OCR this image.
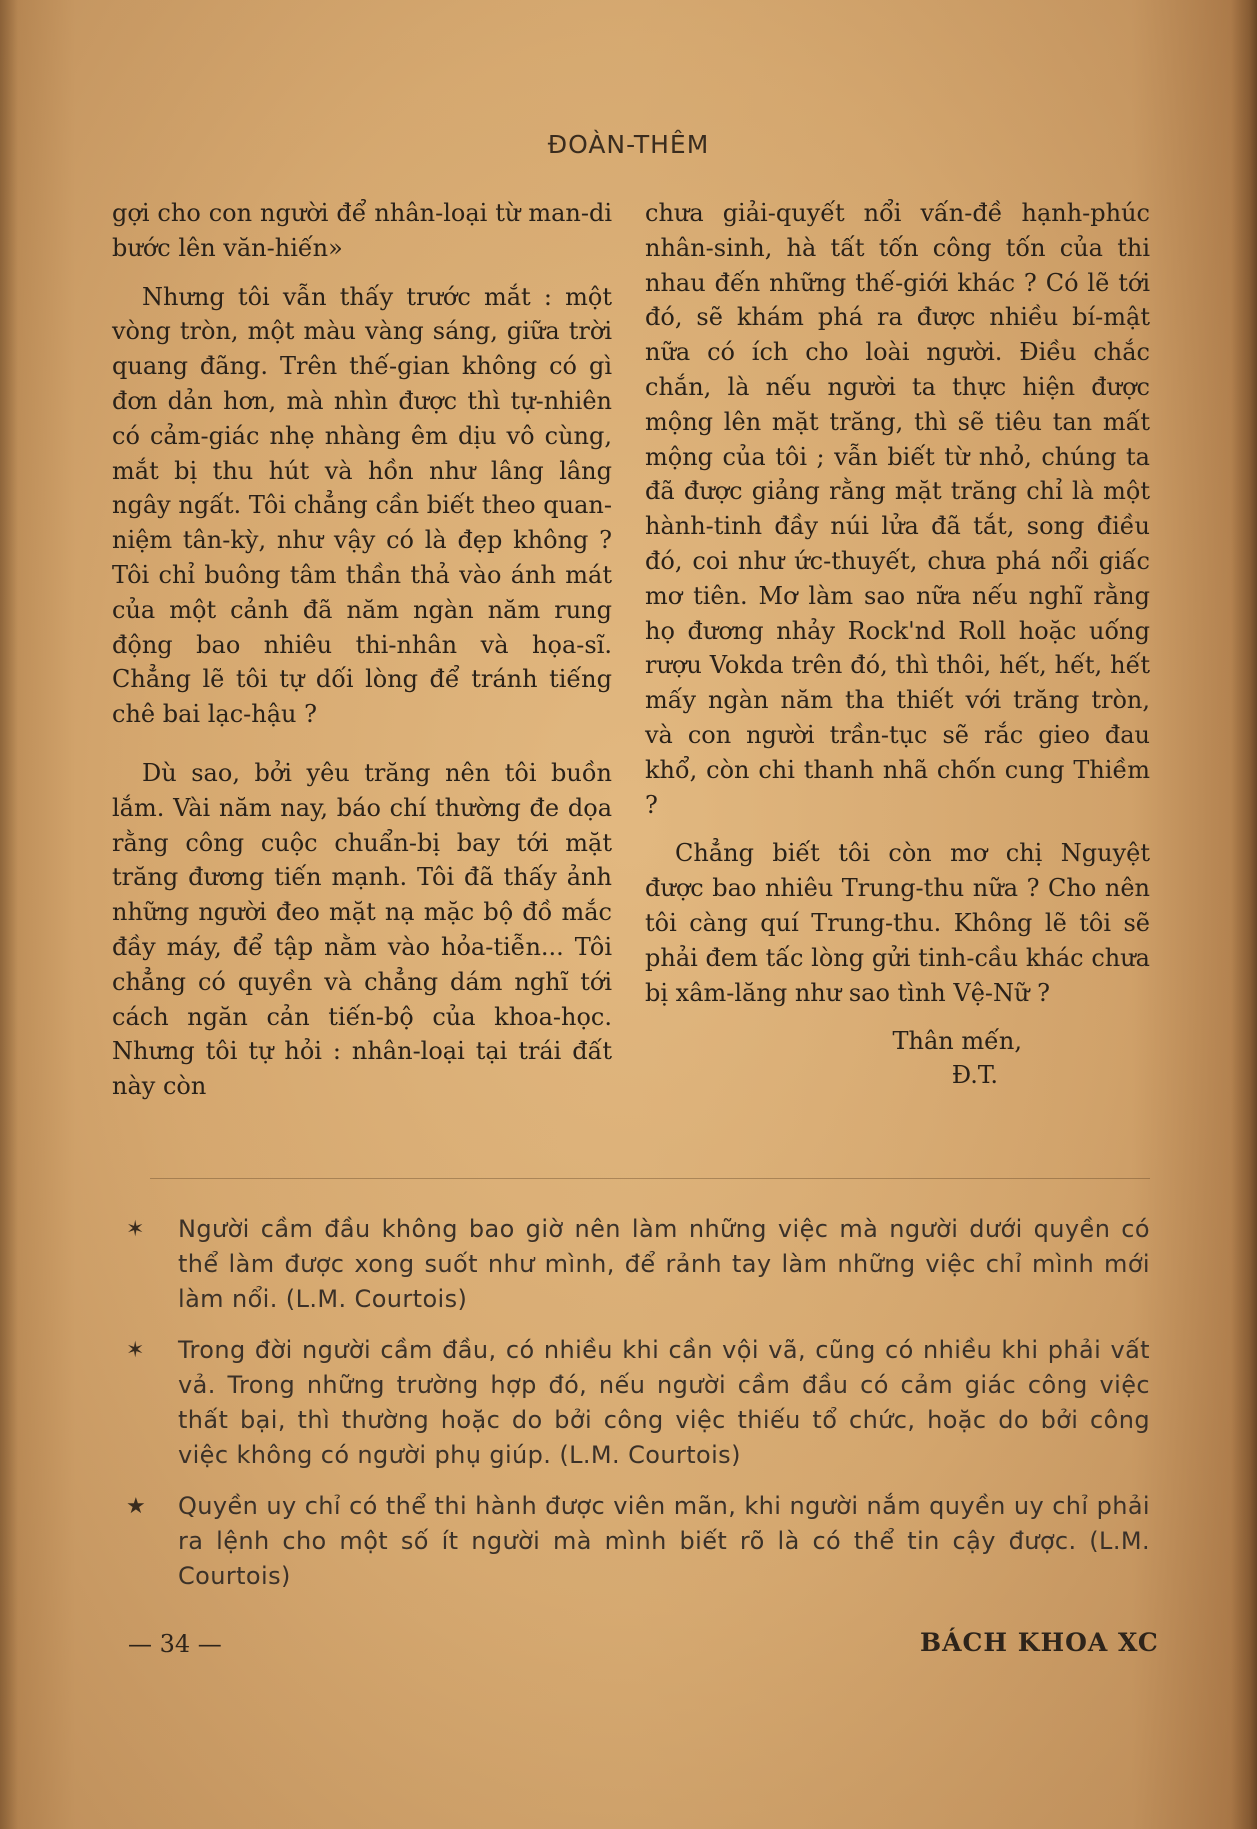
ĐOÀN-THÊM

gợi cho con người để nhân-loại từ man-di bước lên văn-hiến»

Nhưng tôi vẫn thấy trước mắt : một vòng tròn, một màu vàng sáng, giữa trời quang đãng. Trên thế-gian không có gì đơn dản hơn, mà nhìn được thì tự-nhiên có cảm-giác nhẹ nhàng êm dịu vô cùng, mắt bị thu hút và hồn như lâng lâng ngây ngất. Tôi chẳng cần biết theo quan-niệm tân-kỳ, như vậy có là đẹp không ? Tôi chỉ buông tâm thần thả vào ánh mát của một cảnh đã năm ngàn năm rung động bao nhiêu thi-nhân và họa-sĩ. Chẳng lẽ tôi tự dối lòng để tránh tiếng chê bai lạc-hậu ?

Dù sao, bởi yêu trăng nên tôi buồn lắm. Vài năm nay, báo chí thường đe dọa rằng công cuộc chuẩn-bị bay tới mặt trăng đương tiến mạnh. Tôi đã thấy ảnh những người đeo mặt nạ mặc bộ đồ mắc đầy máy, để tập nằm vào hỏa-tiễn... Tôi chẳng có quyền và chẳng dám nghĩ tới cách ngăn cản tiến-bộ của khoa-học. Nhưng tôi tự hỏi : nhân-loại tại trái đất này còn

chưa giải-quyết nổi vấn-đề hạnh-phúc nhân-sinh, hà tất tốn công tốn của thi nhau đến những thế-giới khác ? Có lẽ tới đó, sẽ khám phá ra được nhiều bí-mật nữa có ích cho loài người. Điều chắc chắn, là nếu người ta thực hiện được mộng lên mặt trăng, thì sẽ tiêu tan mất mộng của tôi ; vẫn biết từ nhỏ, chúng ta đã được giảng rằng mặt trăng chỉ là một hành-tinh đầy núi lửa đã tắt, song điều đó, coi như ức-thuyết, chưa phá nổi giấc mơ tiên. Mơ làm sao nữa nếu nghĩ rằng họ đương nhảy Rock'nd Roll hoặc uống rượu Vokda trên đó, thì thôi, hết, hết, hết mấy ngàn năm tha thiết với trăng tròn, và con người trần-tục sẽ rắc gieo đau khổ, còn chi thanh nhã chốn cung Thiềm ?

Chẳng biết tôi còn mơ chị Nguyệt được bao nhiêu Trung-thu nữa ? Cho nên tôi càng quí Trung-thu. Không lẽ tôi sẽ phải đem tấc lòng gửi tinh-cầu khác chưa bị xâm-lăng như sao tình Vệ-Nữ ?

Thân mến,
Đ.T.
✶ Người cầm đầu không bao giờ nên làm những việc mà người dưới quyền có thể làm được xong suốt như mình, để rảnh tay làm những việc chỉ mình mới làm nổi. (L.M. Courtois)
✶ Trong đời người cầm đầu, có nhiều khi cần vội vã, cũng có nhiều khi phải vất vả. Trong những trường hợp đó, nếu người cầm đầu có cảm giác công việc thất bại, thì thường hoặc do bởi công việc thiếu tổ chức, hoặc do bởi công việc không có người phụ giúp. (L.M. Courtois)
★ Quyền uy chỉ có thể thi hành được viên mãn, khi người nắm quyền uy chỉ phải ra lệnh cho một số ít người mà mình biết rõ là có thể tin cậy được. (L.M. Courtois)
— 34 —	BÁCH KHOA XC
